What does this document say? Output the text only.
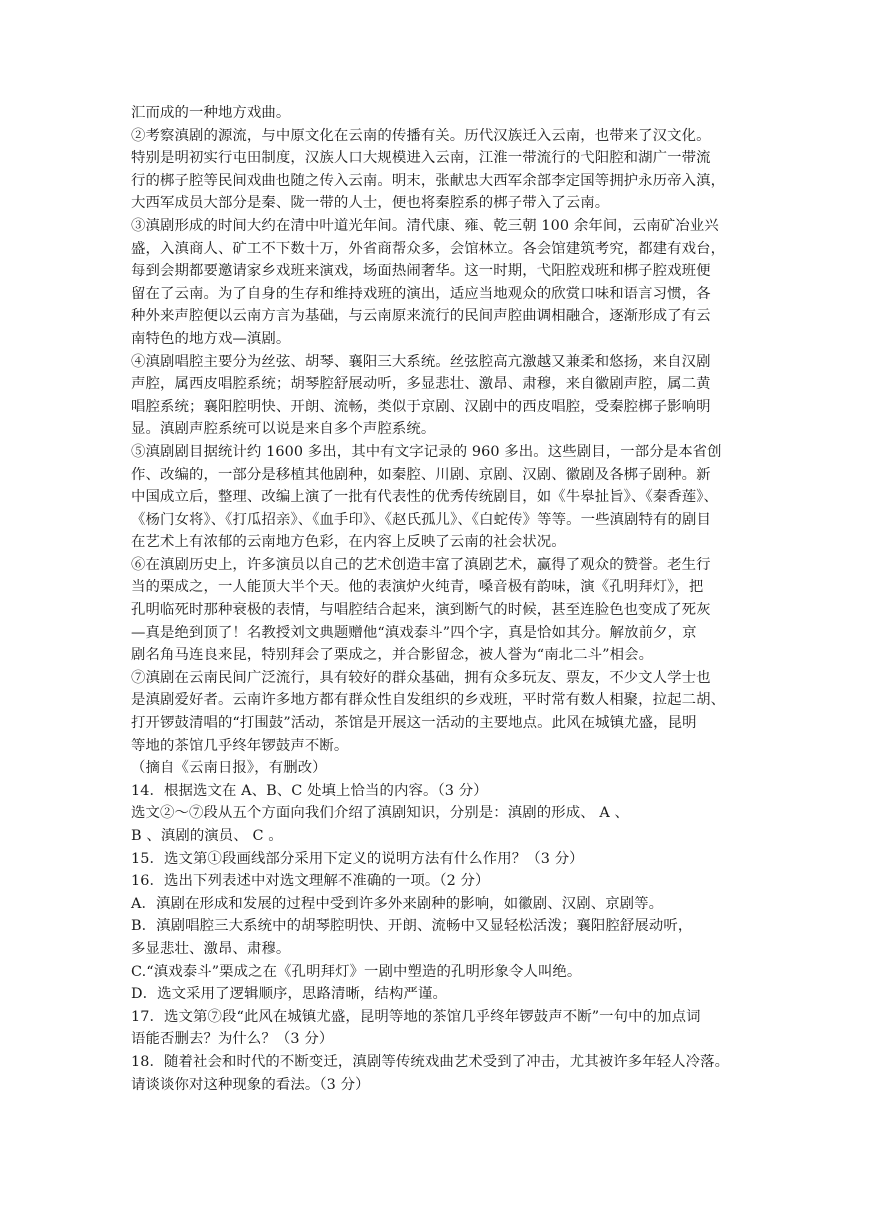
汇而成的一种地方戏曲。
②考察滇剧的源流，与中原文化在云南的传播有关。历代汉族迁入云南，也带来了汉文化。
特别是明初实行屯田制度，汉族人口大规模进入云南，江淮一带流行的弋阳腔和湖广一带流
行的梆子腔等民间戏曲也随之传入云南。明末，张献忠大西军余部李定国等拥护永历帝入滇，
大西军成员大部分是秦、陇一带的人士，便也将秦腔系的梆子带入了云南。
③滇剧形成的时间大约在清中叶道光年间。清代康、雍、乾三朝 100 余年间，云南矿冶业兴
盛，入滇商人、矿工不下数十万，外省商帮众多，会馆林立。各会馆建筑考究，都建有戏台，
每到会期都要邀请家乡戏班来演戏，场面热闹奢华。这一时期，弋阳腔戏班和梆子腔戏班便
留在了云南。为了自身的生存和维持戏班的演出，适应当地观众的欣赏口味和语言习惯，各
种外来声腔便以云南方言为基础，与云南原来流行的民间声腔曲调相融合，逐渐形成了有云
南特色的地方戏—滇剧。
④滇剧唱腔主要分为丝弦、胡琴、襄阳三大系统。丝弦腔高亢激越又兼柔和悠扬，来自汉剧
声腔，属西皮唱腔系统；胡琴腔舒展动听，多显悲壮、激昂、肃穆，来自徽剧声腔，属二黄
唱腔系统；襄阳腔明快、开朗、流畅，类似于京剧、汉剧中的西皮唱腔，受秦腔梆子影响明
显。滇剧声腔系统可以说是来自多个声腔系统。
⑤滇剧剧目据统计约 1600 多出，其中有文字记录的 960 多出。这些剧目，一部分是本省创
作、改编的，一部分是移植其他剧种，如秦腔、川剧、京剧、汉剧、徽剧及各梆子剧种。新
中国成立后，整理、改编上演了一批有代表性的优秀传统剧目，如《牛皋扯旨》、《秦香莲》、
《杨门女将》、《打瓜招亲》、《血手印》、《赵氏孤儿》、《白蛇传》等等。一些滇剧特有的剧目
在艺术上有浓郁的云南地方色彩，在内容上反映了云南的社会状况。
⑥在滇剧历史上，许多演员以自己的艺术创造丰富了滇剧艺术，赢得了观众的赞誉。老生行
当的栗成之，一人能顶大半个天。他的表演炉火纯青，嗓音极有韵味，演《孔明拜灯》，把
孔明临死时那种衰极的表情，与唱腔结合起来，演到断气的时候，甚至连脸色也变成了死灰
—真是绝到顶了！名教授刘文典题赠他“滇戏泰斗”四个字，真是恰如其分。解放前夕，京
剧名角马连良来昆，特别拜会了栗成之，并合影留念，被人誉为“南北二斗”相会。
⑦滇剧在云南民间广泛流行，具有较好的群众基础，拥有众多玩友、票友，不少文人学士也
是滇剧爱好者。云南许多地方都有群众性自发组织的乡戏班，平时常有数人相聚，拉起二胡、
打开锣鼓清唱的“打围鼓”活动，茶馆是开展这一活动的主要地点。此风在城镇尤盛，昆明
等地的茶馆几乎终年锣鼓声不断。
（摘自《云南日报》，有删改）
14．根据选文在 A、B、C 处填上恰当的内容。（3 分）
选文②～⑦段从五个方面向我们介绍了滇剧知识，分别是：滇剧的形成、 A 、
B 、滇剧的演员、 C 。
15．选文第①段画线部分采用下定义的说明方法有什么作用？（3 分）
16．选出下列表述中对选文理解不准确的一项。（2 分）
A．滇剧在形成和发展的过程中受到许多外来剧种的影响，如徽剧、汉剧、京剧等。
B．滇剧唱腔三大系统中的胡琴腔明快、开朗、流畅中又显轻松活泼；襄阳腔舒展动听，
多显悲壮、激昂、肃穆。
C.“滇戏泰斗”栗成之在《孔明拜灯》一剧中塑造的孔明形象令人叫绝。
D．选文采用了逻辑顺序，思路清晰，结构严谨。
17．选文第⑦段“此风在城镇尤盛，昆明等地的茶馆几乎终年锣鼓声不断”一句中的加点词
语能否删去？为什么？（3 分）
18．随着社会和时代的不断变迁，滇剧等传统戏曲艺术受到了冲击，尤其被许多年轻人冷落。
请谈谈你对这种现象的看法。（3 分）
